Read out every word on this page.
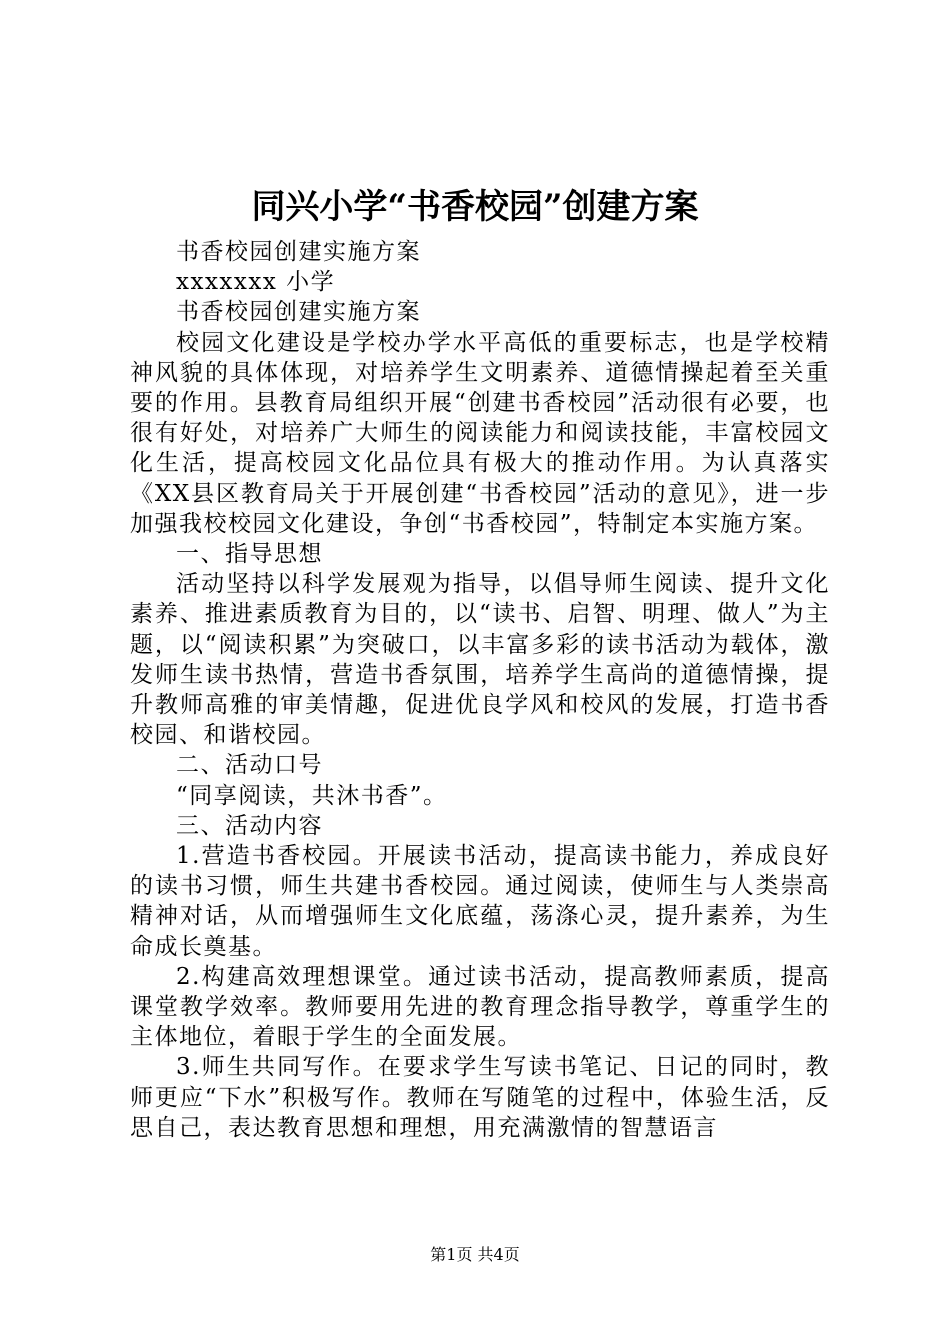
同兴小学“书香校园”创建方案

书香校园创建实施方案

xxxxxxx 小学

书香校园创建实施方案

校园文化建设是学校办学水平高低的重要标志，也是学校精神风貌的具体体现，对培养学生文明素养、道德情操起着至关重要的作用。县教育局组织开展“创建书香校园”活动很有必要，也很有好处，对培养广大师生的阅读能力和阅读技能，丰富校园文化生活，提高校园文化品位具有极大的推动作用。为认真落实《XX县区教育局关于开展创建“书香校园”活动的意见》，进一步加强我校校园文化建设，争创“书香校园”，特制定本实施方案。

一、指导思想

活动坚持以科学发展观为指导，以倡导师生阅读、提升文化素养、推进素质教育为目的，以“读书、启智、明理、做人”为主题，以“阅读积累”为突破口，以丰富多彩的读书活动为载体，激发师生读书热情，营造书香氛围，培养学生高尚的道德情操，提升教师高雅的审美情趣，促进优良学风和校风的发展，打造书香校园、和谐校园。

二、活动口号

“同享阅读，共沐书香”。

三、活动内容

1.营造书香校园。开展读书活动，提高读书能力，养成良好的读书习惯，师生共建书香校园。通过阅读，使师生与人类崇高精神对话，从而增强师生文化底蕴，荡涤心灵，提升素养，为生命成长奠基。

2.构建高效理想课堂。通过读书活动，提高教师素质，提高课堂教学效率。教师要用先进的教育理念指导教学，尊重学生的主体地位，着眼于学生的全面发展。

3.师生共同写作。在要求学生写读书笔记、日记的同时，教师更应“下水”积极写作。教师在写随笔的过程中，体验生活，反思自己，表达教育思想和理想，用充满激情的智慧语言

第1页 共4页
